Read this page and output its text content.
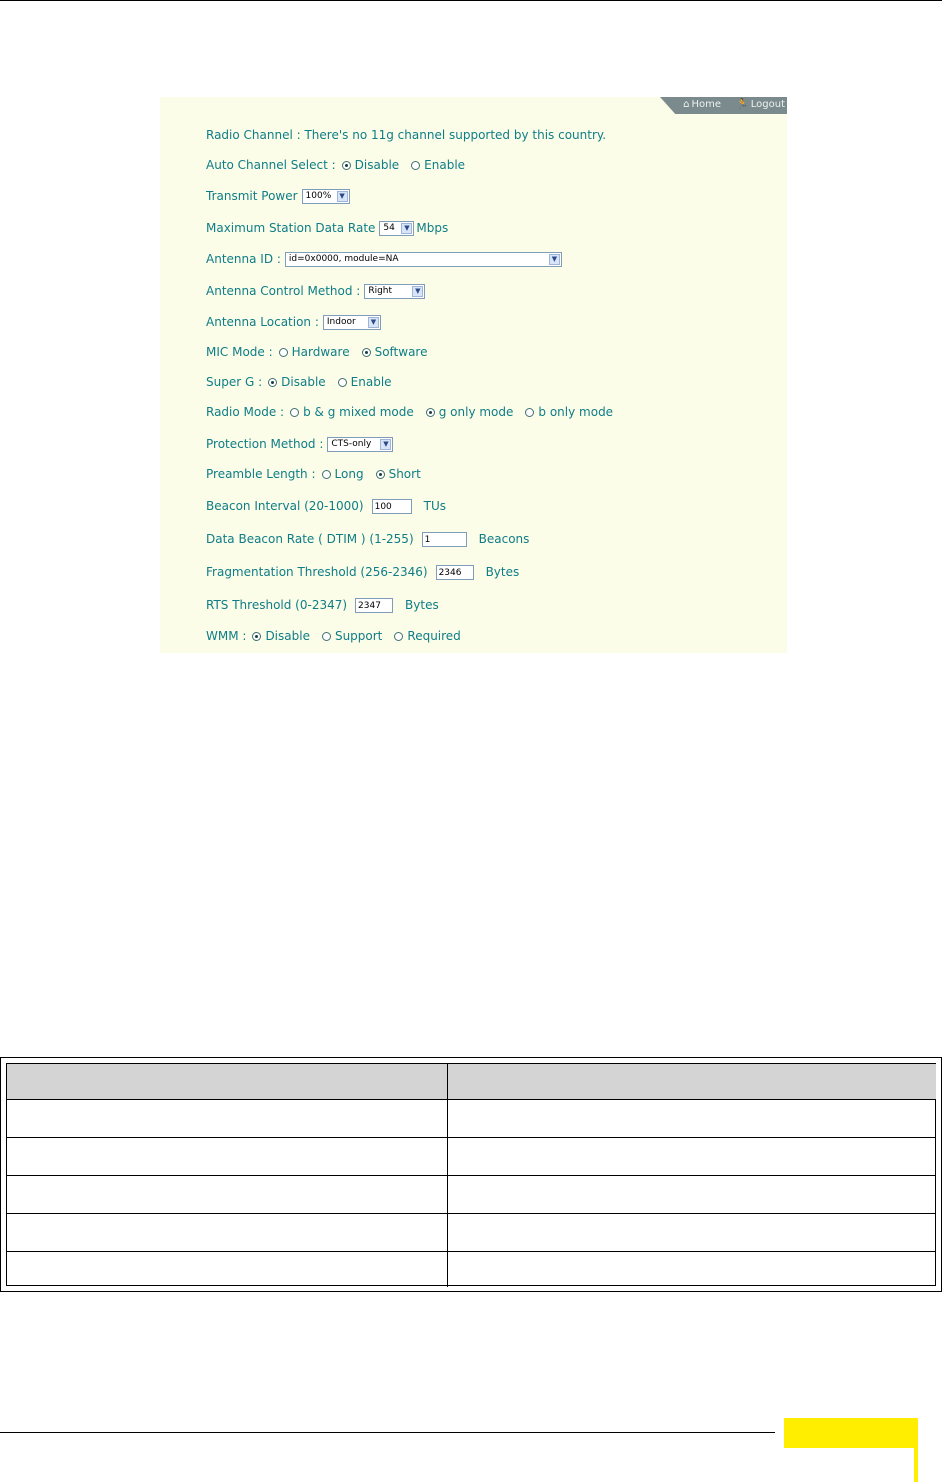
⌂ Home 🏃 Logout
Radio Channel : There's no 11g channel supported by this country.
Auto Channel Select : Disable Enable
Transmit Power 100%	▼
Maximum Station Data Rate 54	▼ Mbps
Antenna ID : id=0x0000, module=NA	▼
Antenna Control Method : Right	▼
Antenna Location : Indoor	▼
MIC Mode : Hardware Software
Super G : Disable Enable
Radio Mode : b & g mixed mode g only mode b only mode
Protection Method : CTS-only	▼
Preamble Length : Long Short
Beacon Interval (20-1000)	100	TUs
Data Beacon Rate ( DTIM ) (1-255)	1	Beacons
Fragmentation Threshold (256-2346)	2346	Bytes
RTS Threshold (0-2347)	2347	Bytes
WMM : Disable Support Required
